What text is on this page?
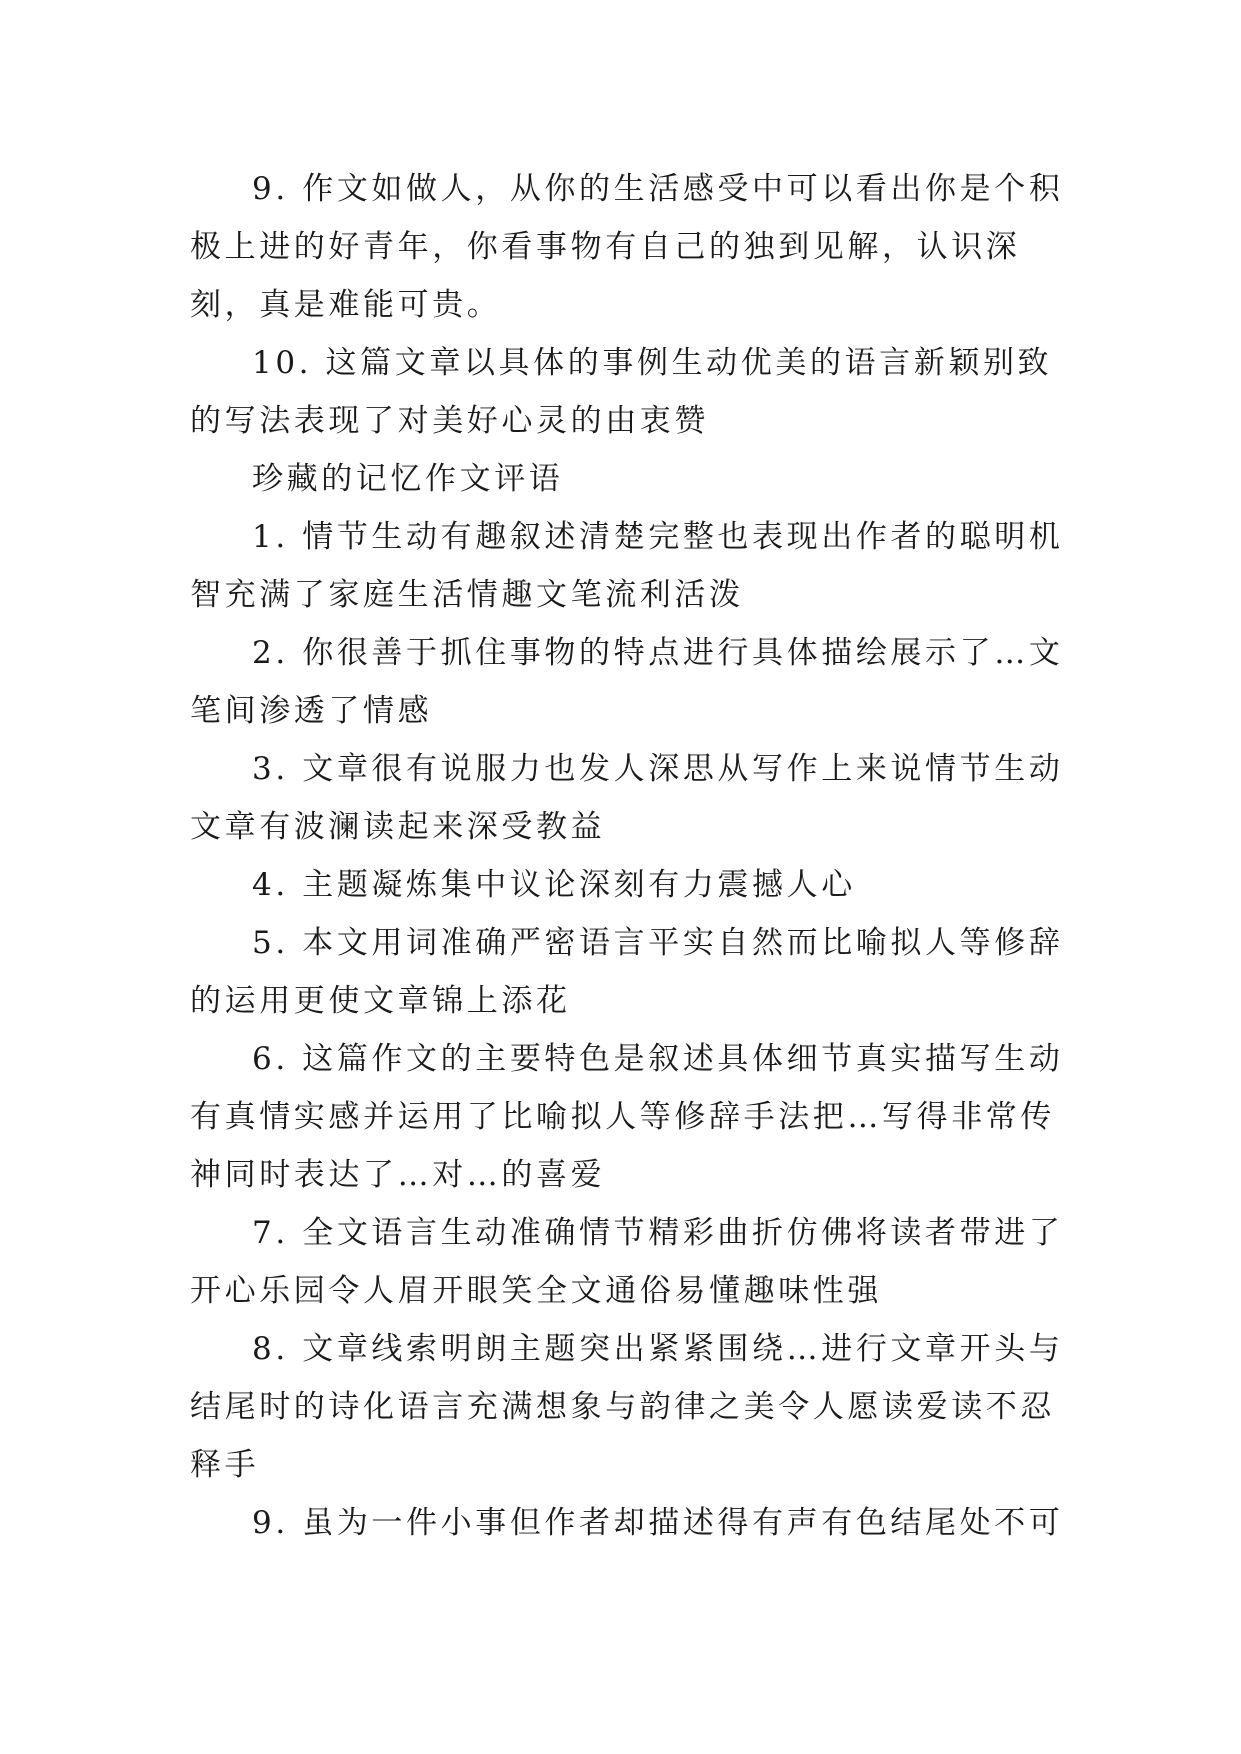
9. 作文如做人，从你的生活感受中可以看出你是个积极上进的好青年，你看事物有自己的独到见解，认识深刻，真是难能可贵。

10. 这篇文章以具体的事例生动优美的语言新颖别致的写法表现了对美好心灵的由衷赞

珍藏的记忆作文评语

1. 情节生动有趣叙述清楚完整也表现出作者的聪明机智充满了家庭生活情趣文笔流利活泼

2. 你很善于抓住事物的特点进行具体描绘展示了…文笔间渗透了情感

3. 文章很有说服力也发人深思从写作上来说情节生动文章有波澜读起来深受教益

4. 主题凝炼集中议论深刻有力震撼人心

5. 本文用词准确严密语言平实自然而比喻拟人等修辞的运用更使文章锦上添花

6. 这篇作文的主要特色是叙述具体细节真实描写生动有真情实感并运用了比喻拟人等修辞手法把…写得非常传神同时表达了…对…的喜爱

7. 全文语言生动准确情节精彩曲折仿佛将读者带进了开心乐园令人眉开眼笑全文通俗易懂趣味性强

8. 文章线索明朗主题突出紧紧围绕…进行文章开头与结尾时的诗化语言充满想象与韵律之美令人愿读爱读不忍释手

9. 虽为一件小事但作者却描述得有声有色结尾处不可
